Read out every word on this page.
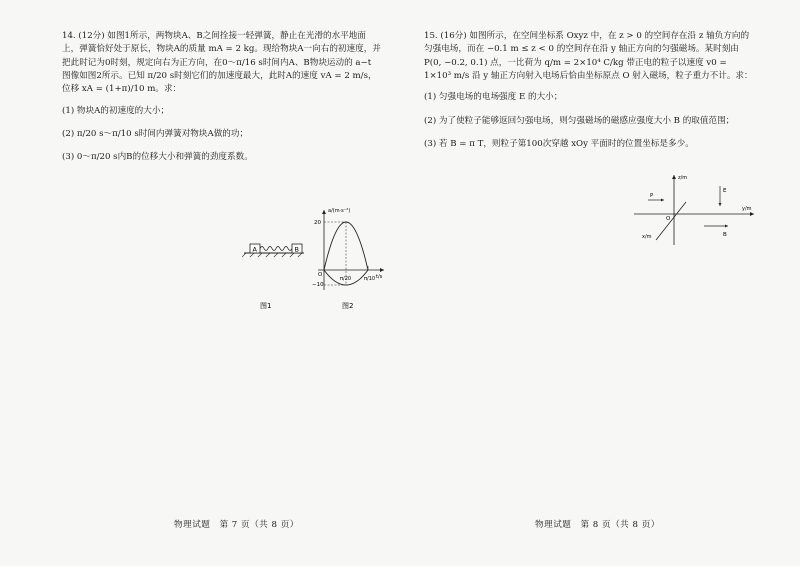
14. (12分) 如图1所示，两物块A、B之间拴接一轻弹簧，静止在光滑的水平地面上，弹簧恰好处于原长，物块A的质量 mA = 2 kg。现给物块A一向右的初速度，并把此时记为0时刻，规定向右为正方向，在0～π/16 s时间内A、B物块运动的 a−t 图像如图2所示。已知 π/20 s时刻它们的加速度最大，此时A的速度 vA = 2 m/s，位移 xA = (1+π)/10 m。求：

(1) 物块A的初速度的大小；

(2) π/20 s～π/10 s时间内弹簧对物块A做的功；

(3) 0～π/20 s内B的位移大小和弹簧的劲度系数。

A	B
图1
a/(m·s⁻²)
t/s
20
−10
O
π/20	π/10
图2
物理试题　第 7 页（共 8 页）

15. (16分) 如图所示，在空间坐标系 Oxyz 中，在 z > 0 的空间存在沿 z 轴负方向的匀强电场，而在 −0.1 m ≤ z < 0 的空间存在沿 y 轴正方向的匀强磁场。某时刻由 P(0, −0.2, 0.1) 点，一比荷为 q/m = 2×10⁴ C/kg 带正电的粒子以速度 v0 = 1×10³ m/s 沿 y 轴正方向射入电场后恰由坐标原点 O 射入磁场，粒子重力不计。求：

(1) 匀强电场的电场强度 E 的大小；

(2) 为了使粒子能够返回匀强电场，则匀强磁场的磁感应强度大小 B 的取值范围；

(3) 若 B = π T，则粒子第100次穿越 xOy 平面时的位置坐标是多少。

z/m
y/m
x/m
P
E
B
O
物理试题　第 8 页（共 8 页）
